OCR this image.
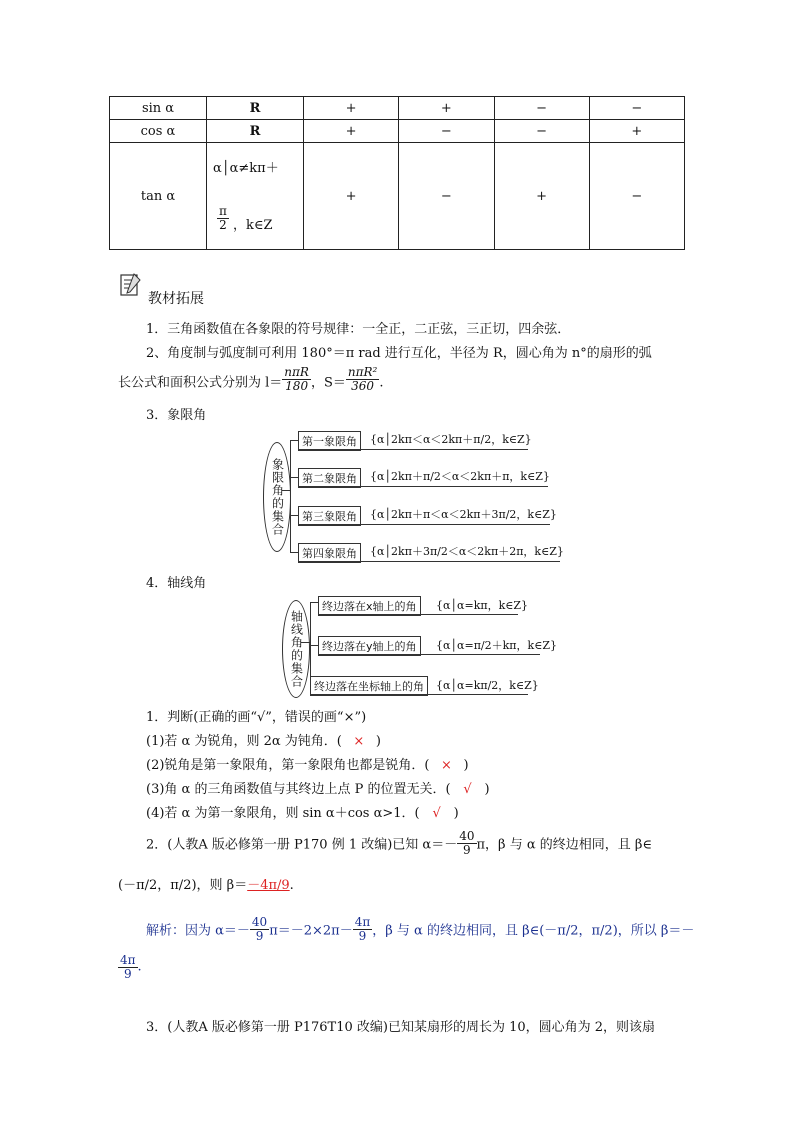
sin α	R	+	+	−	−
cos α	R	+	−	−	+
tan α	α│α≠kπ＋
π
2 ，k∈Z	+	−	+	−
教材拓展
1．三角函数值在各象限的符号规律：一全正，二正弦，三正切，四余弦．
2、角度制与弧度制可利用 180°＝π rad 进行互化，半径为 R，圆心角为 n°的扇形的弧
长公式和面积公式分别为 $l= \frac{\text{nπR}}{180}$ ，$S= \frac{\text{nπR²}}{360}$ .
3．象限角
象限角的集合
第一象限角
第二象限角
第三象限角
第四象限角
{α│2kπ＜α＜2kπ＋π/2，k∈Z}
{α│2kπ＋π/2＜α＜2kπ＋π，k∈Z}
{α│2kπ＋π＜α＜2kπ＋3π/2，k∈Z}
{α│2kπ＋3π/2＜α＜2kπ＋2π，k∈Z}
4．轴线角
轴线角的集合
终边落在x轴上的角
终边落在y轴上的角
终边落在坐标轴上的角
{α│α=kπ，k∈Z}
{α│α=π/2＋kπ，k∈Z}
{α│α=kπ/2，k∈Z}
1．判断(正确的画“√”，错误的画“×”)
(1)若 α 为锐角，则 2α 为钝角．( × )
(2)锐角是第一象限角，第一象限角也都是锐角．( × )
(3)角 α 的三角函数值与其终边上点 P 的位置无关．( √ )
(4)若 α 为第一象限角，则 sin α＋cos α>1．( √ )
2．(人教A 版必修第一册 P170 例 1 改编)已知 $\alpha=- \frac{40}{9}$ π，β 与 α 的终边相同，且 β∈
(－π/2，π/2)，则 β＝－4π/9.
解析：因为 $\alpha=- \frac{40}{9} \pi=-2\times 2\pi- \frac{4\pi}{9}$ ，β 与 α 的终边相同，且 β∈(－π/2，π/2)，所以 β＝－
$\frac{4\pi}{9}$ .
3．(人教A 版必修第一册 P176T10 改编)已知某扇形的周长为 10，圆心角为 2，则该扇
